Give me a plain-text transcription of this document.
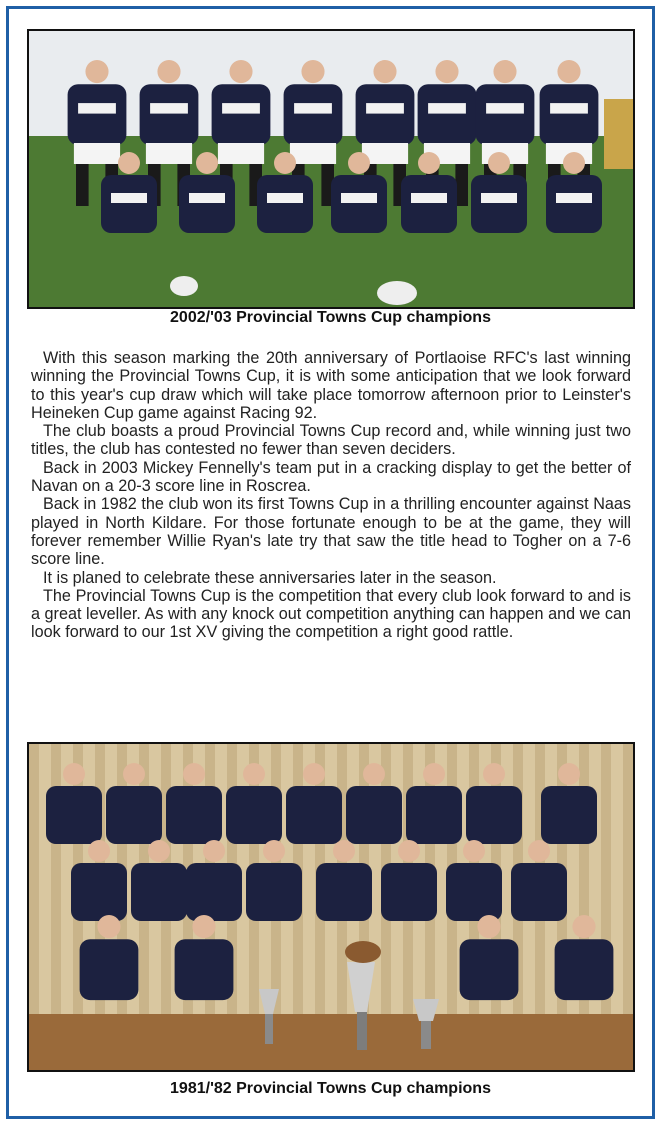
2002/'03 Provincial Towns Cup champions

With this season marking the 20th anniversary of Portlaoise RFC's last winning winning the Provincial Towns Cup, it is with some anticipation that we look forward to this year's cup draw which will take place tomorrow afternoon prior to Leinster's Heineken Cup game against Racing 92.

The club boasts a proud Provincial Towns Cup record and, while winning just two titles, the club has contested no fewer than seven deciders.

Back in 2003 Mickey Fennelly's team put in a cracking display to get the better of Navan on a 20-3 score line in Roscrea.

Back in 1982 the club won its first Towns Cup in a thrilling encounter against Naas played in North Kildare. For those fortunate enough to be at the game, they will forever remember Willie Ryan's late try that saw the title head to Togher on a 7-6 score line.

It is planed to celebrate these anniversaries later in the season.

The Provincial Towns Cup is the competition that every club look forward to and is a great leveller. As with any knock out competition anything can happen and we can look forward to our 1st XV giving the competition a right good rattle.

1981/'82 Provincial Towns Cup champions
